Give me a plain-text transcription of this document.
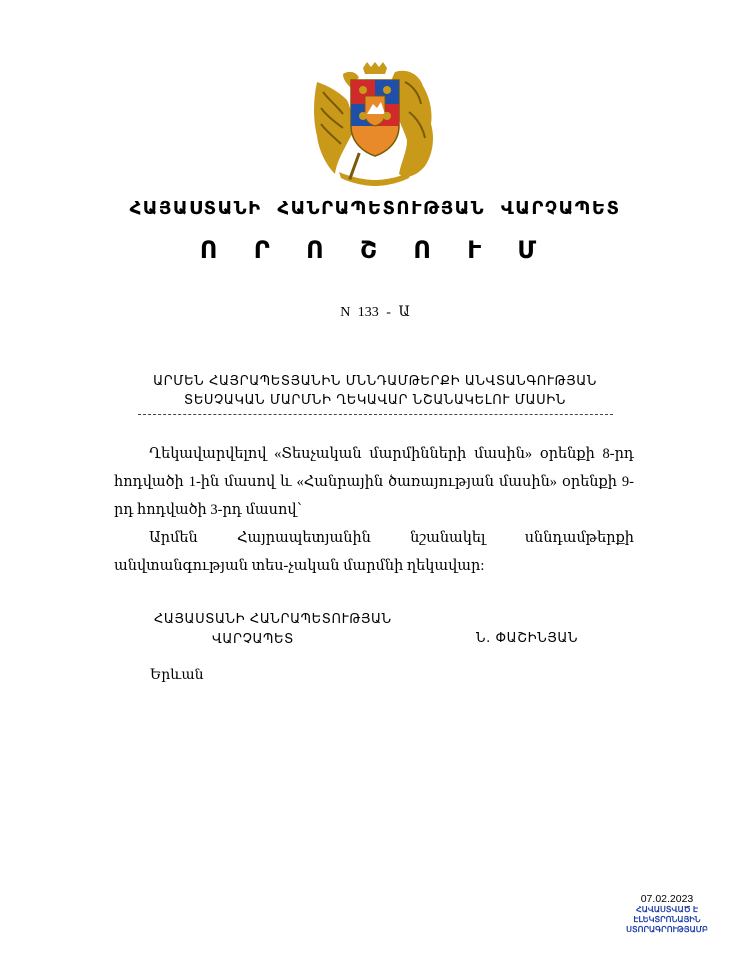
ՀԱՅԱՍՏԱՆԻ ՀԱՆՐԱՊԵՏՈՒԹՅԱՆ ՎԱՐՉԱՊԵՏ
Ո Ր Ո Շ Ո Ւ Մ
N 133 - Ա
ԱՐՄԵՆ ՀԱՅՐԱՊԵՏՅԱՆԻՆ ՄՆՆԴԱՄԹԵՐՔԻ ԱՆՎՏԱՆԳՈՒԹՅԱՆ
ՏԵՍՉԱԿԱՆ ՄԱՐՄՆԻ ՂԵԿԱՎԱՐ ՆՇԱՆԱԿԵԼՈՒ ՄԱՍԻՆ

Ղեկավարվելով «Տեսչական մարմինների մասին» օրենքի 8-րդ հոդվածի 1-ին մասով և «Հանրային ծառայության մասին» օրենքի 9-րդ հոդվածի 3-րդ մասով՝

Արմեն Հայրապետյանին նշանակել սննդամթերքի անվտանգության տես-չական մարմնի ղեկավար:

ՀԱՅԱՍՏԱՆԻ ՀԱՆՐԱՊԵՏՈՒԹՅԱՆ
ՎԱՐՉԱՊԵՏ	Ն. ՓԱՇԻՆՅԱՆ
Երևան
07.02.2023
ՀԱՎԱՍՏՎԱԾ Է
ԷԼԵԿՏՐՈՆԱՅԻՆ
ՍՏՈՐԱԳՐՈՒԹՅԱՄԲ
